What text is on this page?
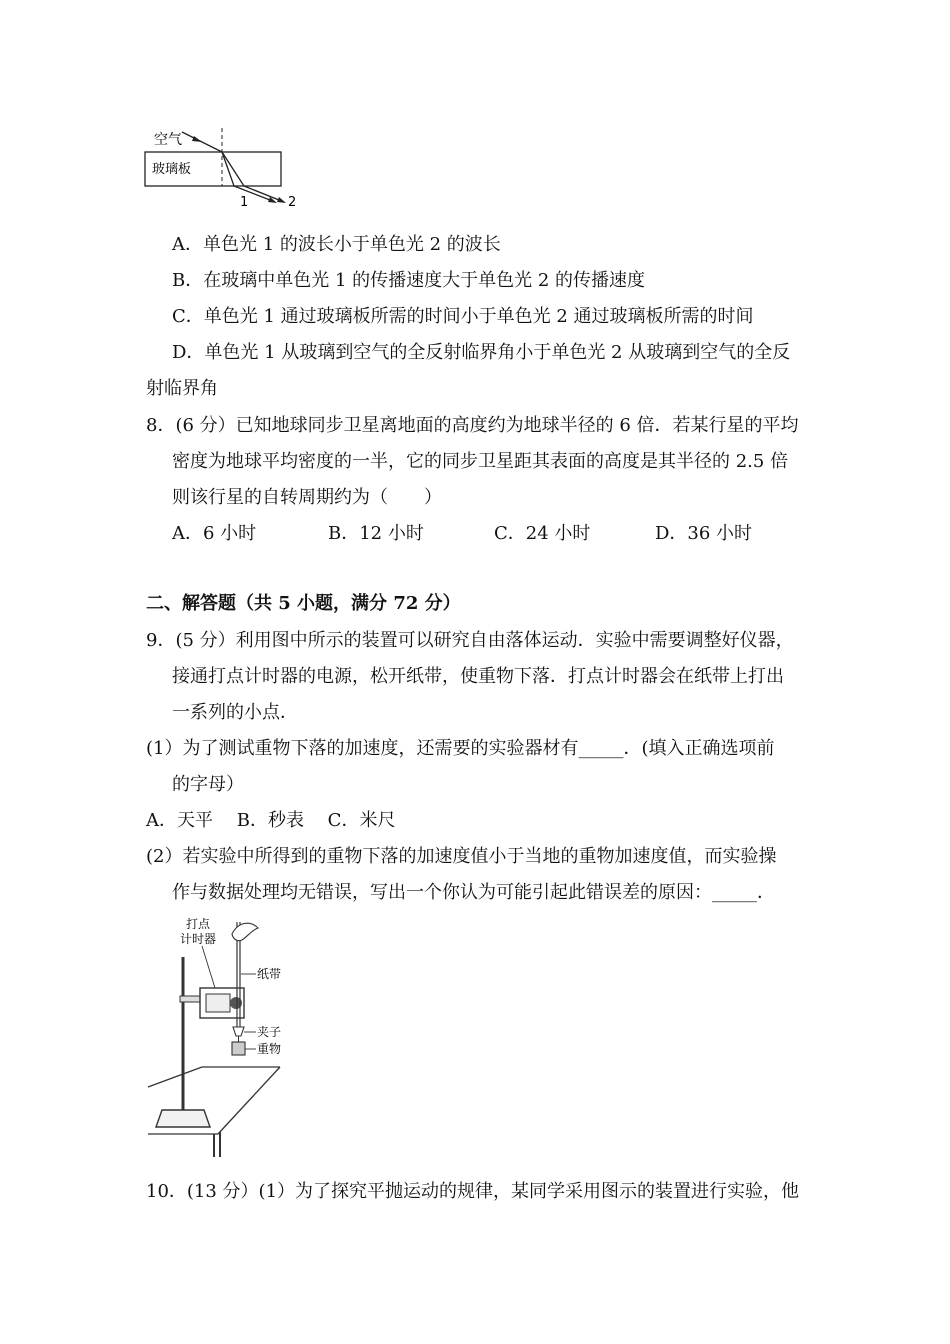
空气
玻璃板
1	2
A．单色光 1 的波长小于单色光 2 的波长
B．在玻璃中单色光 1 的传播速度大于单色光 2 的传播速度
C．单色光 1 通过玻璃板所需的时间小于单色光 2 通过玻璃板所需的时间
D．单色光 1 从玻璃到空气的全反射临界角小于单色光 2 从玻璃到空气的全反
射临界角
8．(6 分）已知地球同步卫星离地面的高度约为地球半径的 6 倍．若某行星的平均
密度为地球平均密度的一半，它的同步卫星距其表面的高度是其半径的 2.5 倍
则该行星的自转周期约为（　　）
A．6 小时	B．12 小时	C．24 小时	D．36 小时
二、解答题（共 5 小题，满分 72 分）
9．(5 分）利用图中所示的装置可以研究自由落体运动．实验中需要调整好仪器，
接通打点计时器的电源，松开纸带，使重物下落．打点计时器会在纸带上打出
一系列的小点．
(1）为了测试重物下落的加速度，还需要的实验器材有_____．(填入正确选项前
的字母）
A．天平　 B．秒表　 C．米尺
(2）若实验中所得到的重物下落的加速度值小于当地的重物加速度值，而实验操
作与数据处理均无错误，写出一个你认为可能引起此错误差的原因：_____．
打点
计时器
纸带
夹子
重物
10．(13 分）(1）为了探究平抛运动的规律，某同学采用图示的装置进行实验，他
